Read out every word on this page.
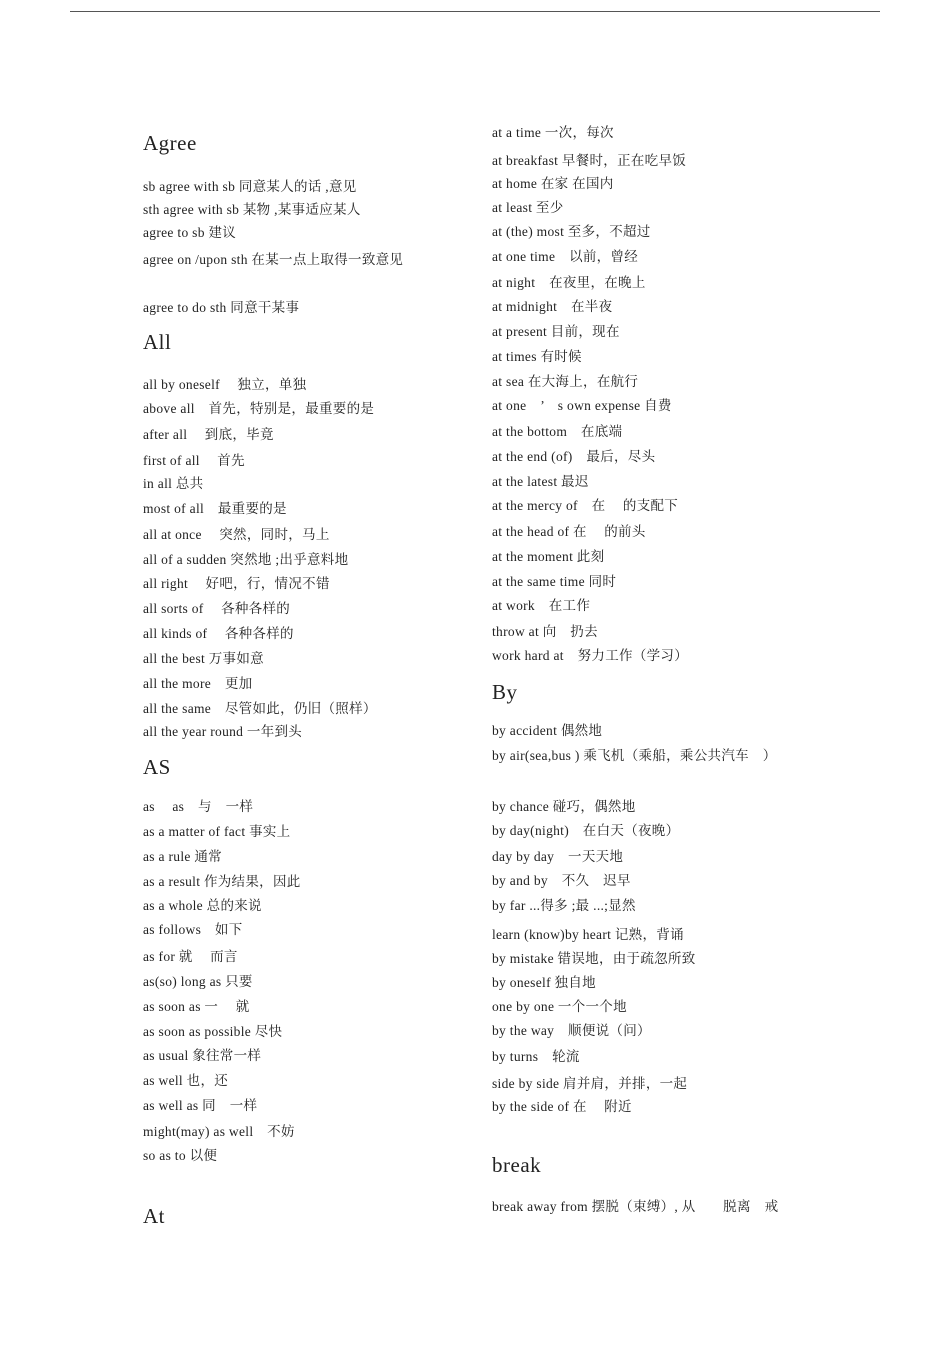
Agree
sb agree with sb 同意某人的话 ,意见
sth agree with sb 某物 ,某事适应某人
agree to sb 建议
agree on /upon sth 在某一点上取得一致意见
agree to do sth 同意干某事
All
all by oneself　 独立，单独
above all　首先，特别是，最重要的是
after all　 到底，毕竟
first of all　 首先
in all 总共
most of all　最重要的是
all at once　 突然，同时，马上
all of a sudden 突然地 ;出乎意料地
all right　 好吧，行，情况不错
all sorts of　 各种各样的
all kinds of　 各种各样的
all the best 万事如意
all the more　更加
all the same　尽管如此，仍旧（照样）
all the year round 一年到头
AS
as　 as　与　一样
as a matter of fact 事实上
as a rule 通常
as a result 作为结果，因此
as a whole 总的来说
as follows　如下
as for 就　 而言
as(so) long as 只要
as soon as 一　 就
as soon as possible 尽快
as usual 象往常一样
as well 也，还
as well as 同　一样
might(may) as well　不妨
so as to 以便
At
at a time 一次，每次
at breakfast 早餐时，正在吃早饭
at home 在家 在国内
at least 至少
at (the) most 至多，不超过
at one time　以前，曾经
at night　在夜里，在晚上
at midnight　在半夜
at present 目前，现在
at times 有时候
at sea 在大海上，在航行
at one　’　s own expense 自费
at the bottom　在底端
at the end (of)　最后，尽头
at the latest 最迟
at the mercy of　在　 的支配下
at the head of 在　 的前头
at the moment 此刻
at the same time 同时
at work　在工作
throw at 向　扔去
work hard at　努力工作（学习）
By
by accident 偶然地
by air(sea,bus ) 乘飞机（乘船，乘公共汽车　）
by chance 碰巧，偶然地
by day(night)　在白天（夜晚）
day by day　一天天地
by and by　不久　迟早
by far ...得多 ;最 ...;显然
learn (know)by heart 记熟，背诵
by mistake 错误地，由于疏忽所致
by oneself 独自地
one by one 一个一个地
by the way　顺便说（问）
by turns　轮流
side by side 肩并肩，并排，一起
by the side of 在　 附近
break
break away from 摆脱（束缚）, 从　　脱离　戒
